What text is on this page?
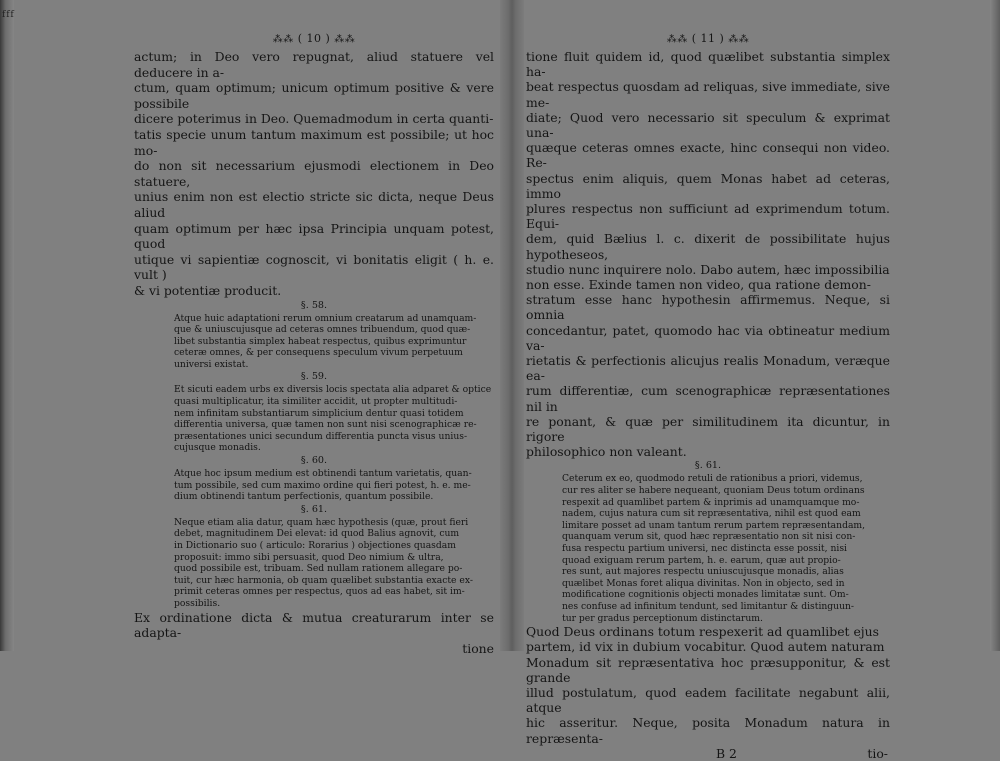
f f f
⁂⁂ ( 10 ) ⁂⁂

actum; in Deo vero repugnat, aliud statuere vel deducere in a-
ctum, quam optimum; unicum optimum positive & vere possibile
dicere poterimus in Deo. Quemadmodum in certa quanti-
tatis specie unum tantum maximum est possibile; ut hoc mo-
do non sit necessarium ejusmodi electionem in Deo statuere,
unius enim non est electio stricte sic dicta, neque Deus aliud
quam optimum per hæc ipsa Principia unquam potest, quod
utique vi sapientiæ cognoscit, vi bonitatis eligit ( h. e. vult )
& vi potentiæ producit.

§. 58.

Atque huic adaptationi rerum omnium creatarum ad unamquam-
que & uniuscujusque ad ceteras omnes tribuendum, quod quæ-
libet substantia simplex habeat respectus, quibus exprimuntur
ceteræ omnes, & per consequens speculum vivum perpetuum
universi existat.

§. 59.

Et sicuti eadem urbs ex diversis locis spectata alia adparet & optice
quasi multiplicatur, ita similiter accidit, ut propter multitudi-
nem infinitam substantiarum simplicium dentur quasi totidem
differentia universa, quæ tamen non sunt nisi scenographicæ re-
præsentationes unici secundum differentia puncta visus unius-
cujusque monadis.

§. 60.

Atque hoc ipsum medium est obtinendi tantum varietatis, quan-
tum possibile, sed cum maximo ordine qui fieri potest, h. e. me-
dium obtinendi tantum perfectionis, quantum possibile.

§. 61.

Neque etiam alia datur, quam hæc hypothesis (quæ, prout fieri
debet, magnitudinem Dei elevat: id quod Balius agnovit, cum
in Dictionario suo ( articulo: Rorarius ) objectiones quasdam
proposuit: immo sibi persuasit, quod Deo nimium & ultra,
quod possibile est, tribuam. Sed nullam rationem allegare po-
tuit, cur hæc harmonia, ob quam quælibet substantia exacte ex-
primit ceteras omnes per respectus, quos ad eas habet, sit im-
possibilis.

Ex ordinatione dicta & mutua creaturarum inter se adapta-

tione

⁂⁂ ( 11 ) ⁂⁂

tione fluit quidem id, quod quælibet substantia simplex ha-
beat respectus quosdam ad reliquas, sive immediate, sive me-
diate; Quod vero necessario sit speculum & exprimat una-
quæque ceteras omnes exacte, hinc consequi non video. Re-
spectus enim aliquis, quem Monas habet ad ceteras, immo
plures respectus non sufficiunt ad exprimendum totum. Equi-
dem, quid Bælius l. c. dixerit de possibilitate hujus hypotheseos,
studio nunc inquirere nolo. Dabo autem, hæc impossibilia
non esse. Exinde tamen non video, qua ratione demon-
stratum esse hanc hypothesin affirmemus. Neque, si omnia
concedantur, patet, quomodo hac via obtineatur medium va-
rietatis & perfectionis alicujus realis Monadum, veræque ea-
rum differentiæ, cum scenographicæ repræsentationes nil in
re ponant, & quæ per similitudinem ita dicuntur, in rigore
philosophico non valeant.

§. 61.

Ceterum ex eo, quodmodo retuli de rationibus a priori, videmus,
cur res aliter se habere nequeant, quoniam Deus totum ordinans
respexit ad quamlibet partem & inprimis ad unamquamque mo-
nadem, cujus natura cum sit repræsentativa, nihil est quod eam
limitare posset ad unam tantum rerum partem repræsentandam,
quanquam verum sit, quod hæc repræsentatio non sit nisi con-
fusa respectu partium universi, nec distincta esse possit, nisi
quoad exiguam rerum partem, h. e. earum, quæ aut propio-
res sunt, aut majores respectu uniuscujusque monadis, alias
quælibet Monas foret aliqua divinitas. Non in objecto, sed in
modificatione cognitionis objecti monades limitatæ sunt. Om-
nes confuse ad infinitum tendunt, sed limitantur & distinguun-
tur per gradus perceptionum distinctarum.

Quod Deus ordinans totum respexerit ad quamlibet ejus
partem, id vix in dubium vocabitur. Quod autem naturam
Monadum sit repræsentativa hoc præsupponitur, & est grande
illud postulatum, quod eadem facilitate negabunt alii, atque
hic asseritur. Neque, posita Monadum natura in repræsenta-

B 2	tio-
